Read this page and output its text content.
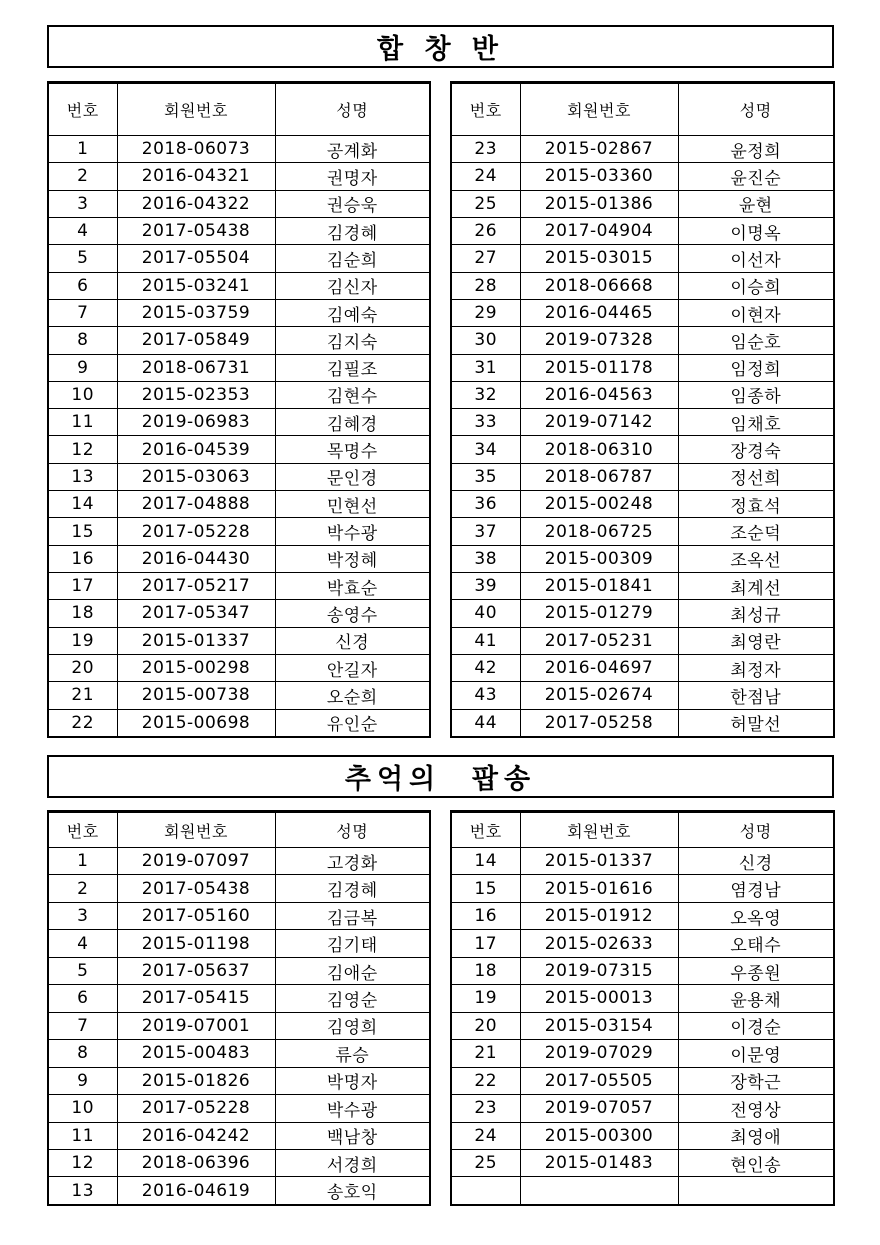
합 창 반
번호	회원번호	성명
1	2018-06073	공계화
2	2016-04321	권명자
3	2016-04322	권승욱
4	2017-05438	김경혜
5	2017-05504	김순희
6	2015-03241	김신자
7	2015-03759	김예숙
8	2017-05849	김지숙
9	2018-06731	김필조
10	2015-02353	김현수
11	2019-06983	김혜경
12	2016-04539	목명수
13	2015-03063	문인경
14	2017-04888	민현선
15	2017-05228	박수광
16	2016-04430	박정혜
17	2017-05217	박효순
18	2017-05347	송영수
19	2015-01337	신경
20	2015-00298	안길자
21	2015-00738	오순희
22	2015-00698	유인순
번호	회원번호	성명
23	2015-02867	윤정희
24	2015-03360	윤진순
25	2015-01386	윤현
26	2017-04904	이명옥
27	2015-03015	이선자
28	2018-06668	이승희
29	2016-04465	이현자
30	2019-07328	임순호
31	2015-01178	임정희
32	2016-04563	임종하
33	2019-07142	임채호
34	2018-06310	장경숙
35	2018-06787	정선희
36	2015-00248	정효석
37	2018-06725	조순덕
38	2015-00309	조옥선
39	2015-01841	최계선
40	2015-01279	최성규
41	2017-05231	최영란
42	2016-04697	최정자
43	2015-02674	한점남
44	2017-05258	허말선
추억의  팝송
번호	회원번호	성명
1	2019-07097	고경화
2	2017-05438	김경혜
3	2017-05160	김금복
4	2015-01198	김기태
5	2017-05637	김애순
6	2017-05415	김영순
7	2019-07001	김영희
8	2015-00483	류승
9	2015-01826	박명자
10	2017-05228	박수광
11	2016-04242	백남창
12	2018-06396	서경희
13	2016-04619	송호익
번호	회원번호	성명
14	2015-01337	신경
15	2015-01616	염경남
16	2015-01912	오옥영
17	2015-02633	오태수
18	2019-07315	우종원
19	2015-00013	윤용채
20	2015-03154	이경순
21	2019-07029	이문영
22	2017-05505	장학근
23	2019-07057	전영상
24	2015-00300	최영애
25	2015-01483	현인송
